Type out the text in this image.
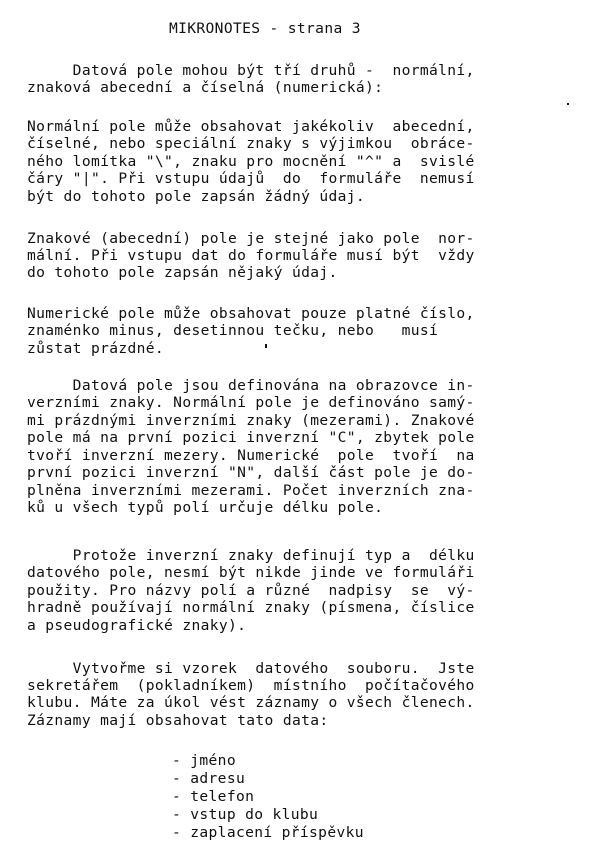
MIKRONOTES - strana 3
Datová pole mohou být tří druhů -  normální,
znaková abecední a číselná (numerická):
Normální pole může obsahovat jakékoliv  abecední,
číselné, nebo speciální znaky s výjimkou  obráce-
ného lomítka "\", znaku pro mocnění "^" a  svislé
čáry "|". Při vstupu údajů  do  formuláře  nemusí
být do tohoto pole zapsán žádný údaj.
Znakové (abecední) pole je stejné jako pole  nor-
mální. Při vstupu dat do formuláře musí být  vždy
do tohoto pole zapsán nějaký údaj.
Numerické pole může obsahovat pouze platné číslo,
znaménko minus, desetinnou tečku, nebo   musí
zůstat prázdné.
Datová pole jsou definována na obrazovce in-
verzními znaky. Normální pole je definováno samý-
mi prázdnými inverzními znaky (mezerami). Znakové
pole má na první pozici inverzní "C", zbytek pole
tvoří inverzní mezery. Numerické  pole  tvoří  na
první pozici inverzní "N", další část pole je do-
plněna inverzními mezerami. Počet inverzních zna-
ků u všech typů polí určuje délku pole.
Protože inverzní znaky definují typ a  délku
datového pole, nesmí být nikde jinde ve formuláři
použity. Pro názvy polí a různé  nadpisy  se  vý-
hradně používají normální znaky (písmena, číslice
a pseudografické znaky).
Vytvořme si vzorek  datového  souboru.  Jste
sekretářem  (pokladníkem)  místního  počítačového
klubu. Máte za úkol vést záznamy o všech členech.
Záznamy mají obsahovat tato data:
- jméno
- adresu
- telefon
- vstup do klubu
- zaplacení příspěvku
